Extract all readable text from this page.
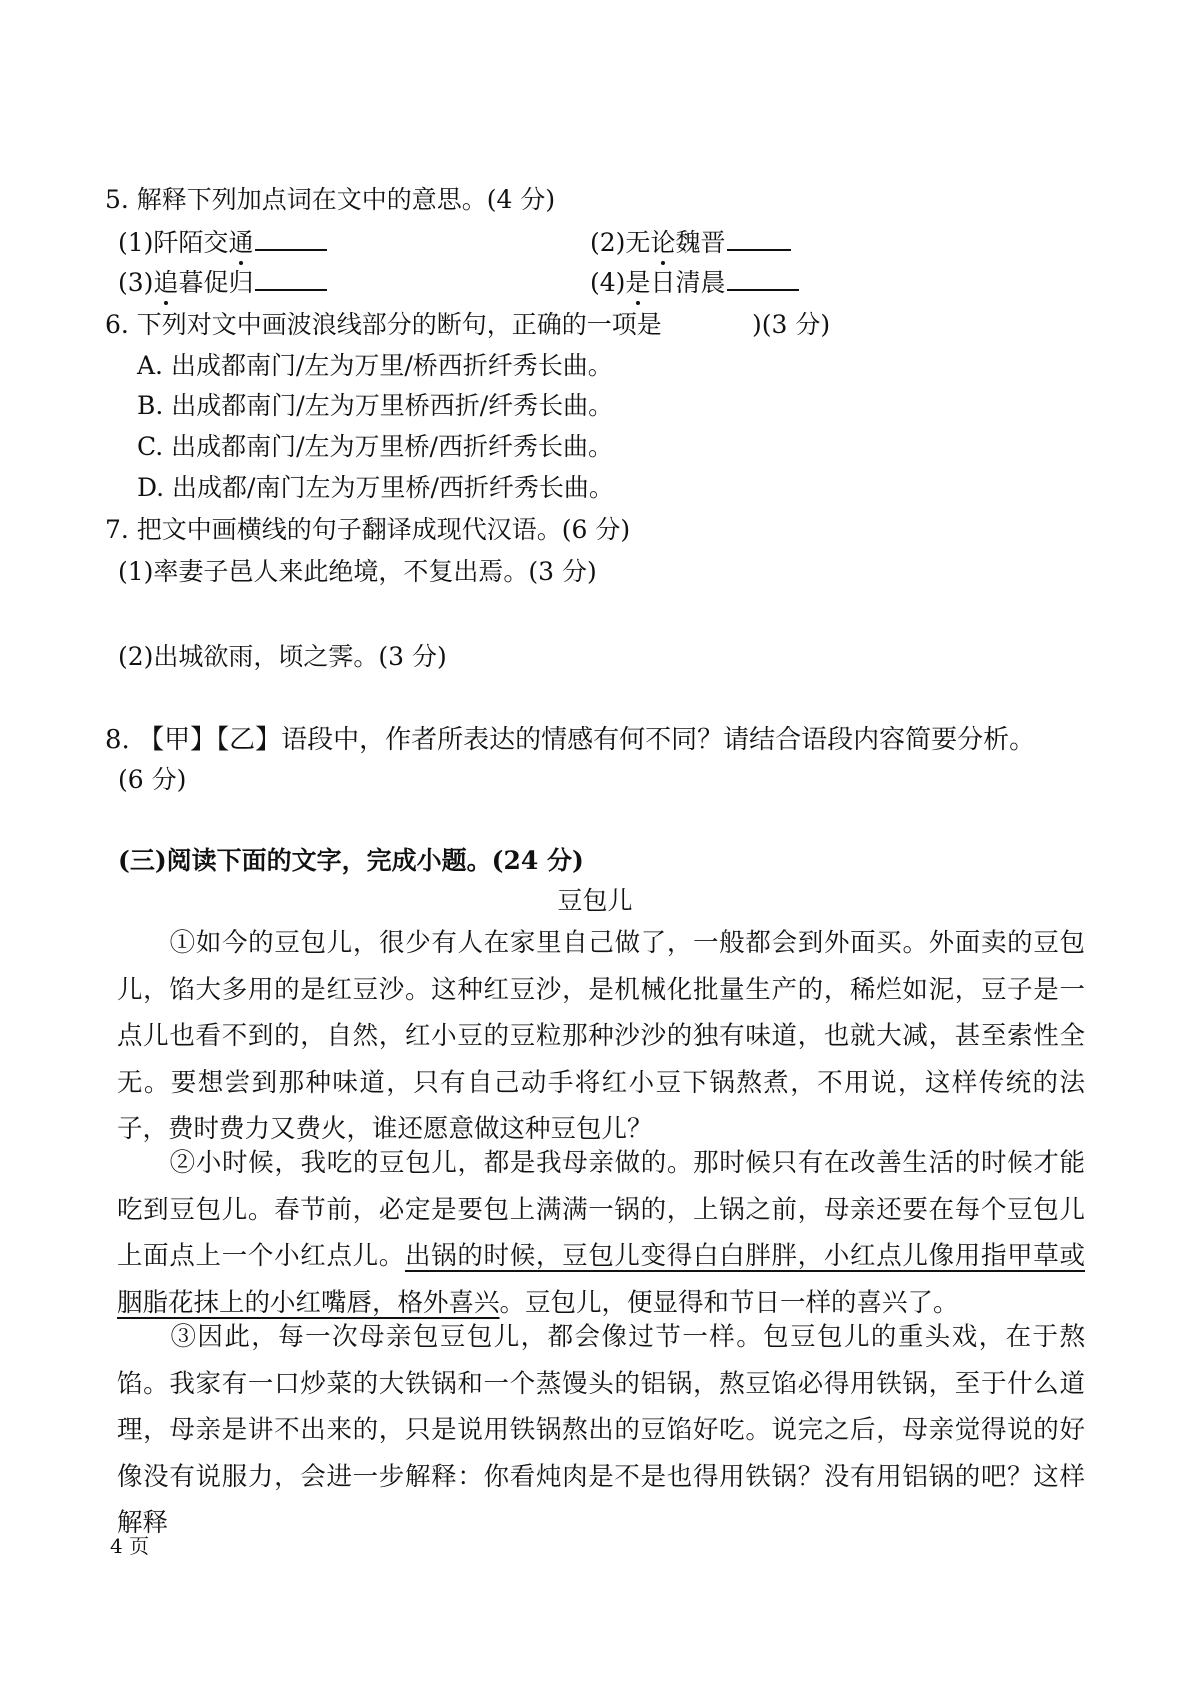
5. 解释下列加点词在文中的意思。(4 分)
(1)阡陌交通	(2)无论魏晋
(3)追暮促归	(4)是日清晨
6. 下列对文中画波浪线部分的断句，正确的一项是	)(3 分)
A. 出成都南门/左为万里/桥西折纤秀长曲。
B. 出成都南门/左为万里桥西折/纤秀长曲。
C. 出成都南门/左为万里桥/西折纤秀长曲。
D. 出成都/南门左为万里桥/西折纤秀长曲。
7. 把文中画横线的句子翻译成现代汉语。(6 分)
(1)率妻子邑人来此绝境，不复出焉。(3 分)
(2)出城欲雨，顷之霁。(3 分)
8. 【甲】【乙】语段中，作者所表达的情感有何不同？请结合语段内容简要分析。
(6 分)
(三)阅读下面的文字，完成小题。(24 分)
豆包儿
①如今的豆包儿，很少有人在家里自己做了，一般都会到外面买。外面卖的豆包儿，馅大多用的是红豆沙。这种红豆沙，是机械化批量生产的，稀烂如泥，豆子是一点儿也看不到的，自然，红小豆的豆粒那种沙沙的独有味道，也就大减，甚至索性全无。要想尝到那种味道，只有自己动手将红小豆下锅熬煮，不用说，这样传统的法子，费时费力又费火，谁还愿意做这种豆包儿？
②小时候，我吃的豆包儿，都是我母亲做的。那时候只有在改善生活的时候才能吃到豆包儿。春节前，必定是要包上满满一锅的，上锅之前，母亲还要在每个豆包儿上面点上一个小红点儿。出锅的时候，豆包儿变得白白胖胖，小红点儿像用指甲草或胭脂花抹上的小红嘴唇，格外喜兴。豆包儿，便显得和节日一样的喜兴了。
③因此，每一次母亲包豆包儿，都会像过节一样。包豆包儿的重头戏，在于熬馅。我家有一口炒菜的大铁锅和一个蒸馒头的铝锅，熬豆馅必得用铁锅，至于什么道理，母亲是讲不出来的，只是说用铁锅熬出的豆馅好吃。说完之后，母亲觉得说的好像没有说服力，会进一步解释：你看炖肉是不是也得用铁锅？没有用铝锅的吧？这样解释
4 页
